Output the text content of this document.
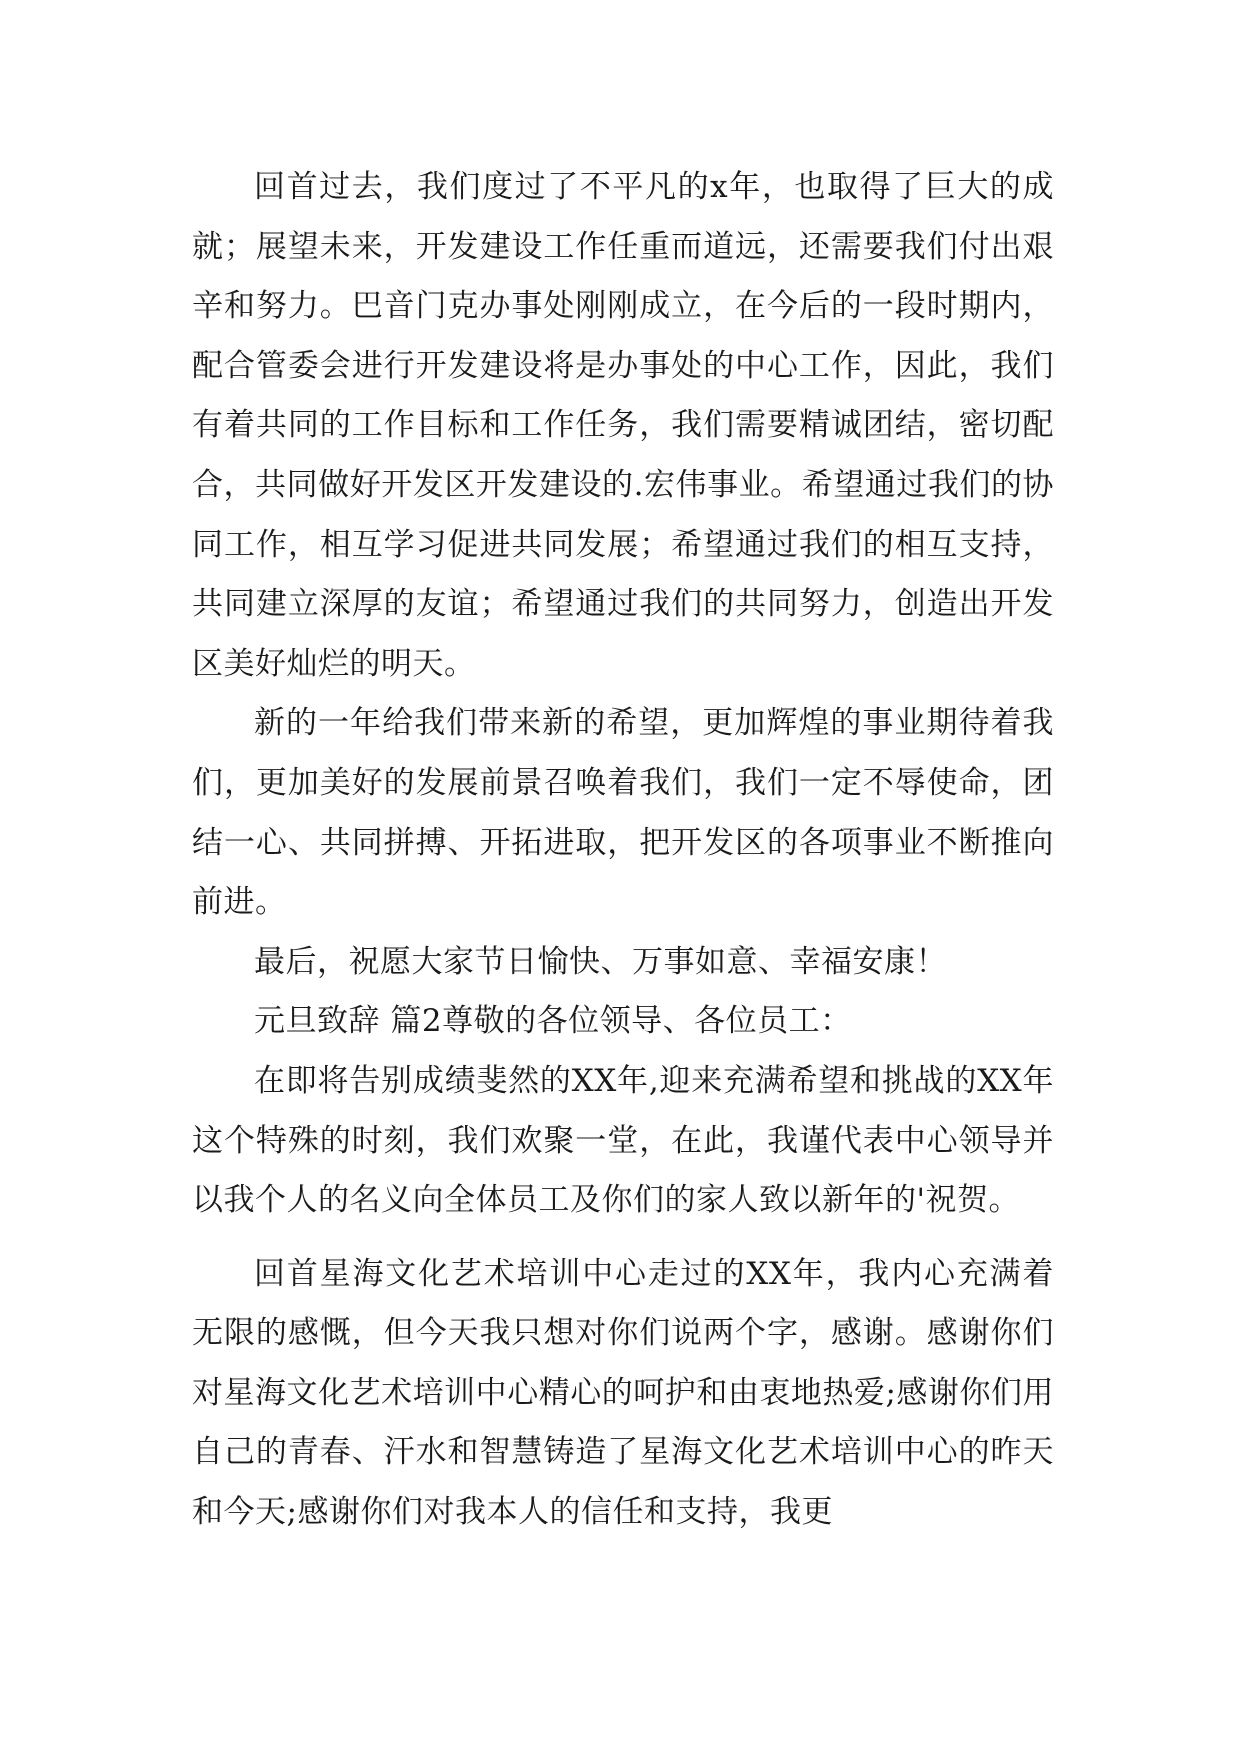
回首过去，我们度过了不平凡的x年，也取得了巨大的成就；展望未来，开发建设工作任重而道远，还需要我们付出艰辛和努力。巴音门克办事处刚刚成立，在今后的一段时期内，配合管委会进行开发建设将是办事处的中心工作，因此，我们有着共同的工作目标和工作任务，我们需要精诚团结，密切配合，共同做好开发区开发建设的.宏伟事业。希望通过我们的协同工作，相互学习促进共同发展；希望通过我们的相互支持，共同建立深厚的友谊；希望通过我们的共同努力，创造出开发区美好灿烂的明天。

新的一年给我们带来新的希望，更加辉煌的事业期待着我们，更加美好的发展前景召唤着我们，我们一定不辱使命，团结一心、共同拼搏、开拓进取，把开发区的各项事业不断推向前进。

最后，祝愿大家节日愉快、万事如意、幸福安康！

元旦致辞 篇2尊敬的各位领导、各位员工：

在即将告别成绩斐然的XX年,迎来充满希望和挑战的XX年这个特殊的时刻，我们欢聚一堂，在此，我谨代表中心领导并以我个人的名义向全体员工及你们的家人致以新年的'祝贺。

回首星海文化艺术培训中心走过的XX年，我内心充满着无限的感慨，但今天我只想对你们说两个字，感谢。感谢你们对星海文化艺术培训中心精心的呵护和由衷地热爱;感谢你们用自己的青春、汗水和智慧铸造了星海文化艺术培训中心的昨天和今天;感谢你们对我本人的信任和支持，我更
